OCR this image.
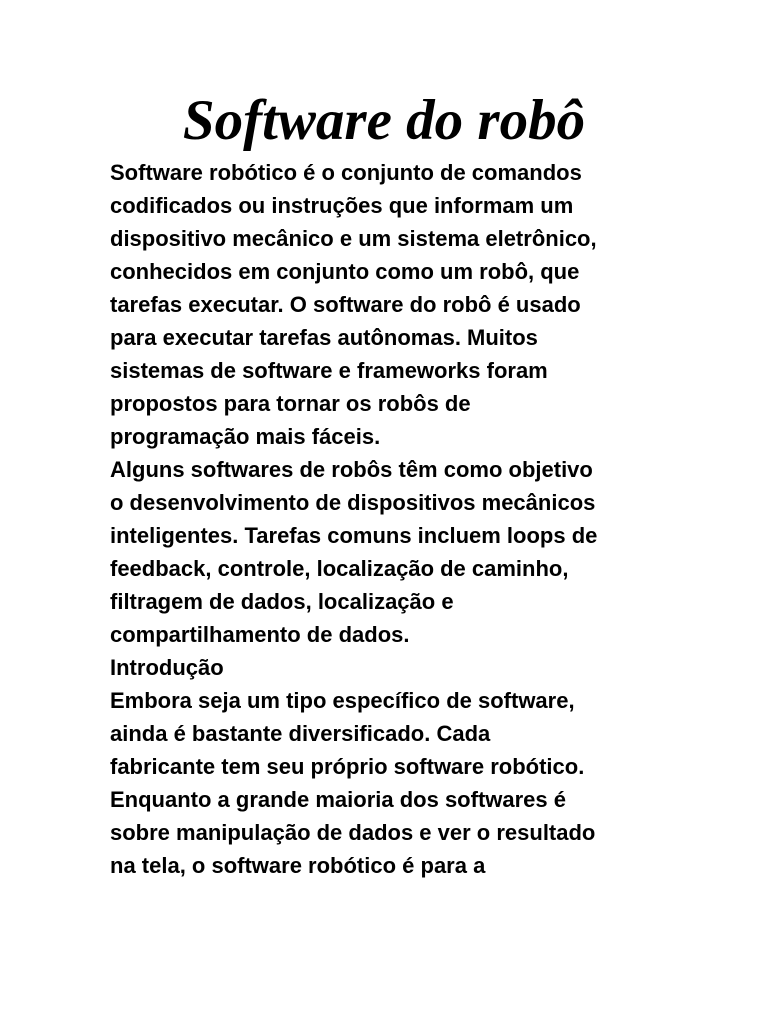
Software do robô
Software robótico é o conjunto de comandos
codificados ou instruções que informam um
dispositivo mecânico e um sistema eletrônico,
conhecidos em conjunto como um robô, que
tarefas executar. O software do robô é usado
para executar tarefas autônomas. Muitos
sistemas de software e frameworks foram
propostos para tornar os robôs de
programação mais fáceis.
Alguns softwares de robôs têm como objetivo
o desenvolvimento de dispositivos mecânicos
inteligentes. Tarefas comuns incluem loops de
feedback, controle, localização de caminho,
filtragem de dados, localização e
compartilhamento de dados.
Introdução
Embora seja um tipo específico de software,
ainda é bastante diversificado. Cada
fabricante tem seu próprio software robótico.
Enquanto a grande maioria dos softwares é
sobre manipulação de dados e ver o resultado
na tela, o software robótico é para a
